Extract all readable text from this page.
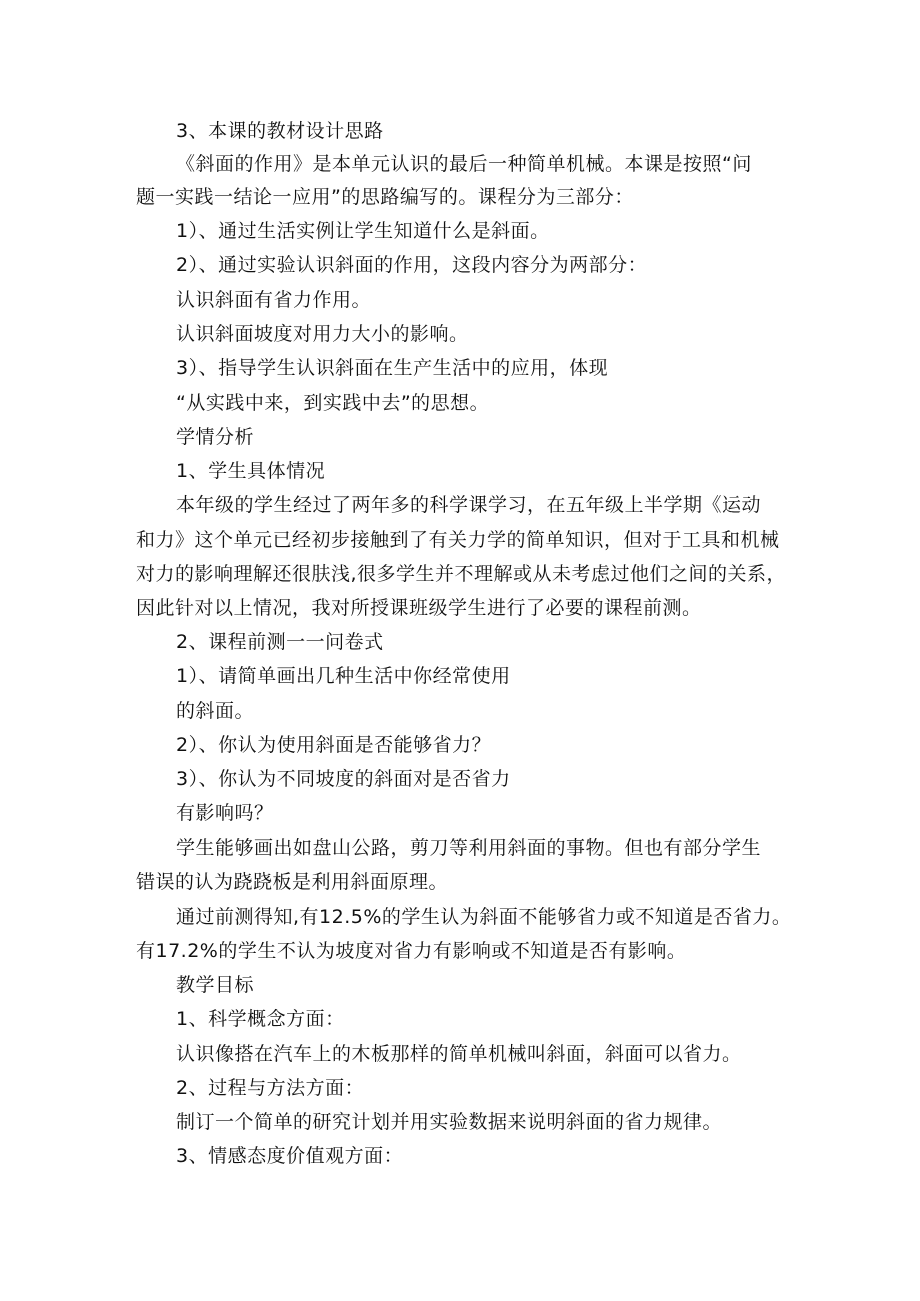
3、本课的教材设计思路
《斜面的作用》是本单元认识的最后一种简单机械。本课是按照“问
题一实践一结论一应用”的思路编写的。课程分为三部分：
1）、通过生活实例让学生知道什么是斜面。
2）、通过实验认识斜面的作用，这段内容分为两部分：
认识斜面有省力作用。
认识斜面坡度对用力大小的影响。
3）、指导学生认识斜面在生产生活中的应用，体现
“从实践中来，到实践中去”的思想。
学情分析
1、学生具体情况
本年级的学生经过了两年多的科学课学习，在五年级上半学期《运动
和力》这个单元已经初步接触到了有关力学的简单知识，但对于工具和机械
对力的影响理解还很肤浅,很多学生并不理解或从未考虑过他们之间的关系，
因此针对以上情况，我对所授课班级学生进行了必要的课程前测。
2、课程前测一一问卷式
1）、请简单画出几种生活中你经常使用
的斜面。
2）、你认为使用斜面是否能够省力？
3）、你认为不同坡度的斜面对是否省力
有影响吗？
学生能够画出如盘山公路，剪刀等利用斜面的事物。但也有部分学生
错误的认为跷跷板是利用斜面原理。
通过前测得知,有12.5%的学生认为斜面不能够省力或不知道是否省力。
有17.2%的学生不认为坡度对省力有影响或不知道是否有影响。
教学目标
1、科学概念方面：
认识像搭在汽车上的木板那样的简单机械叫斜面，斜面可以省力。
2、过程与方法方面：
制订一个简单的研究计划并用实验数据来说明斜面的省力规律。
3、情感态度价值观方面：
